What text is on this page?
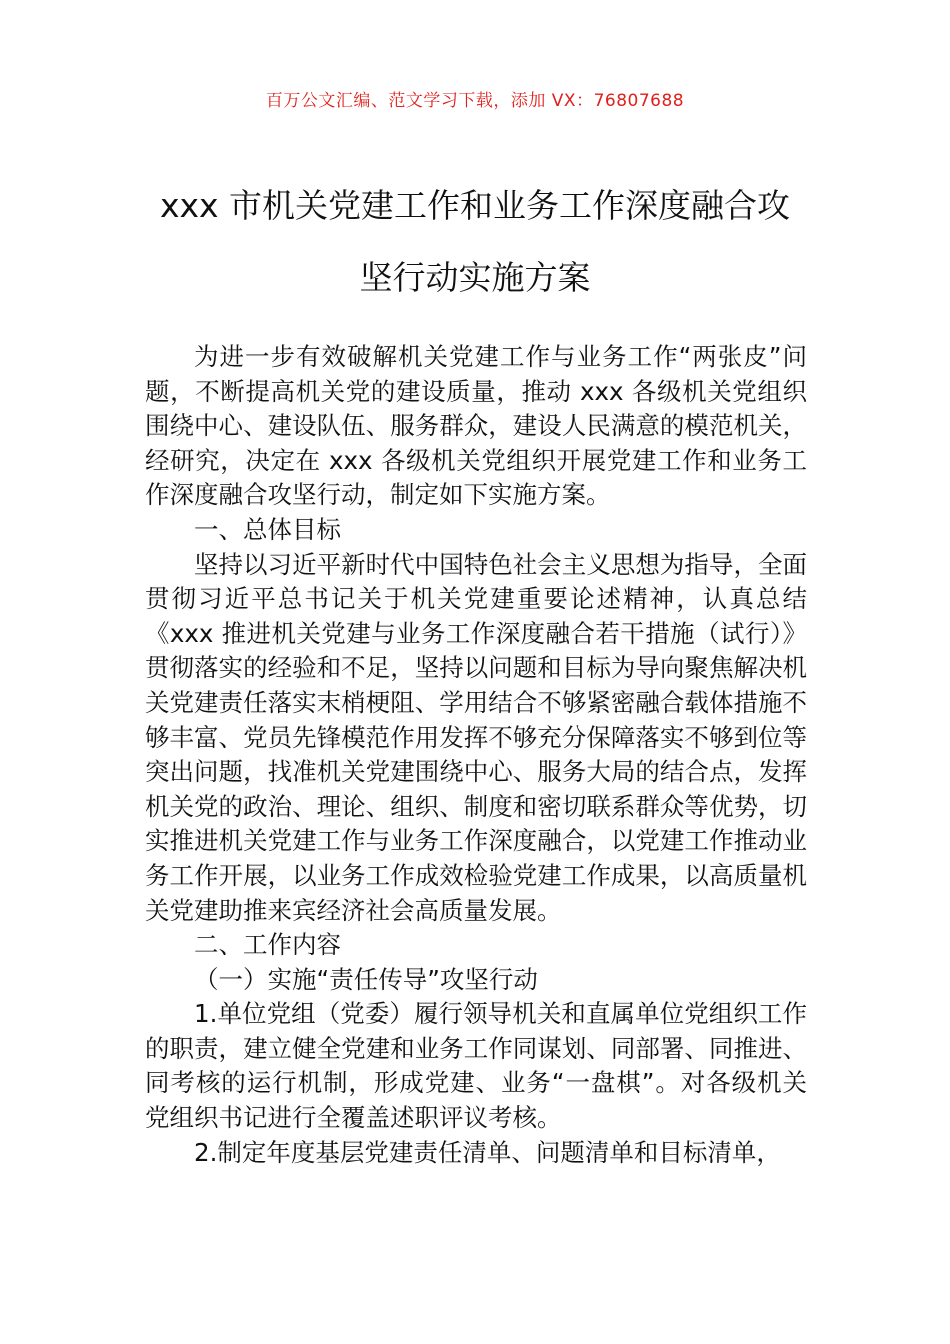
百万公文汇编、范文学习下载，添加 VX：76807688
xxx 市机关党建工作和业务工作深度融合攻
坚行动实施方案

为进一步有效破解机关党建工作与业务工作“两张皮”问题，不断提高机关党的建设质量，推动 xxx 各级机关党组织围绕中心、建设队伍、服务群众，建设人民满意的模范机关，经研究，决定在 xxx 各级机关党组织开展党建工作和业务工作深度融合攻坚行动，制定如下实施方案。

一、总体目标

坚持以习近平新时代中国特色社会主义思想为指导，全面贯彻习近平总书记关于机关党建重要论述精神，认真总结《xxx 推进机关党建与业务工作深度融合若干措施（试行）》贯彻落实的经验和不足，坚持以问题和目标为导向聚焦解决机关党建责任落实末梢梗阻、学用结合不够紧密融合载体措施不够丰富、党员先锋模范作用发挥不够充分保障落实不够到位等突出问题，找准机关党建围绕中心、服务大局的结合点，发挥机关党的政治、理论、组织、制度和密切联系群众等优势，切实推进机关党建工作与业务工作深度融合，以党建工作推动业务工作开展，以业务工作成效检验党建工作成果，以高质量机关党建助推来宾经济社会高质量发展。

二、工作内容

（一）实施“责任传导”攻坚行动

1.单位党组（党委）履行领导机关和直属单位党组织工作的职责，建立健全党建和业务工作同谋划、同部署、同推进、同考核的运行机制，形成党建、业务“一盘棋”。对各级机关党组织书记进行全覆盖述职评议考核。

2.制定年度基层党建责任清单、问题清单和目标清单，
